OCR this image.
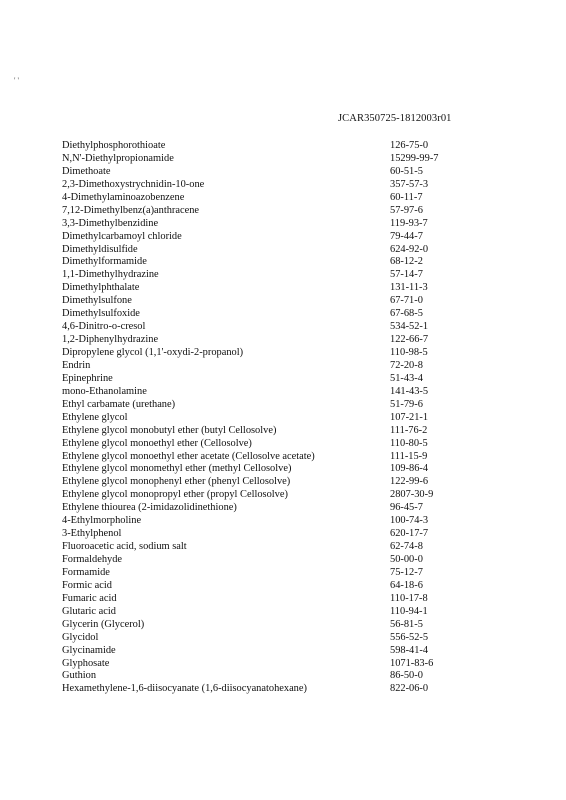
' '
JCAR350725-1812003r01
Diethylphosphorothioate	126-75-0
N,N'-Diethylpropionamide	15299-99-7
Dimethoate	60-51-5
2,3-Dimethoxystrychnidin-10-one	357-57-3
4-Dimethylaminoazobenzene	60-11-7
7,12-Dimethylbenz(a)anthracene	57-97-6
3,3-Dimethylbenzidine	119-93-7
Dimethylcarbamoyl chloride	79-44-7
Dimethyldisulfide	624-92-0
Dimethylformamide	68-12-2
1,1-Dimethylhydrazine	57-14-7
Dimethylphthalate	131-11-3
Dimethylsulfone	67-71-0
Dimethylsulfoxide	67-68-5
4,6-Dinitro-o-cresol	534-52-1
1,2-Diphenylhydrazine	122-66-7
Dipropylene glycol (1,1'-oxydi-2-propanol)	110-98-5
Endrin	72-20-8
Epinephrine	51-43-4
mono-Ethanolamine	141-43-5
Ethyl carbamate (urethane)	51-79-6
Ethylene glycol	107-21-1
Ethylene glycol monobutyl ether (butyl Cellosolve)	111-76-2
Ethylene glycol monoethyl ether (Cellosolve)	110-80-5
Ethylene glycol monoethyl ether acetate (Cellosolve acetate)	111-15-9
Ethylene glycol monomethyl ether (methyl Cellosolve)	109-86-4
Ethylene glycol monophenyl ether (phenyl Cellosolve)	122-99-6
Ethylene glycol monopropyl ether (propyl Cellosolve)	2807-30-9
Ethylene thiourea (2-imidazolidinethione)	96-45-7
4-Ethylmorpholine	100-74-3
3-Ethylphenol	620-17-7
Fluoroacetic acid, sodium salt	62-74-8
Formaldehyde	50-00-0
Formamide	75-12-7
Formic acid	64-18-6
Fumaric acid	110-17-8
Glutaric acid	110-94-1
Glycerin (Glycerol)	56-81-5
Glycidol	556-52-5
Glycinamide	598-41-4
Glyphosate	1071-83-6
Guthion	86-50-0
Hexamethylene-1,6-diisocyanate (1,6-diisocyanatohexane)	822-06-0
